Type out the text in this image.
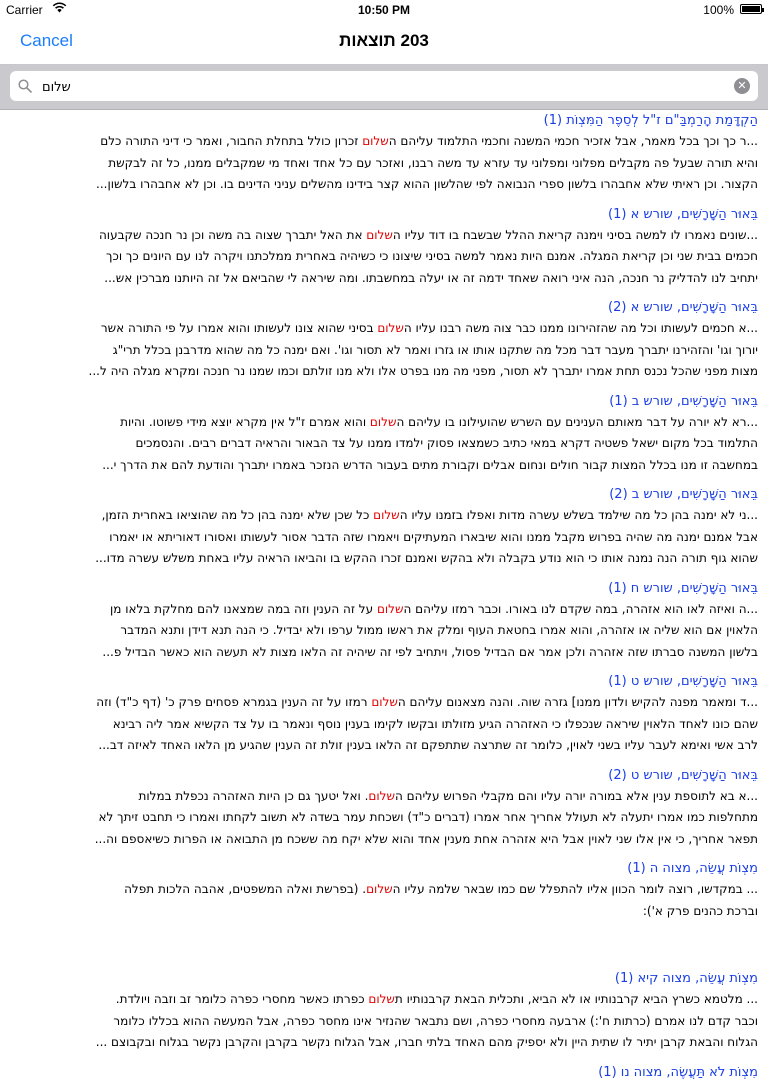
Carrier	10:50 PM	100%
Cancel	203 תוצאות
שלום
✕
הַקְדָּמַת הָרַמְבַּ"ם ז"ל לְסֵפֶר הַמִּצְוֹת (1)
...ר כך וכך בכל מאמר, אבל אזכיר חכמי המשנה וחכמי התלמוד עליהם השלום זכרון כולל בתחלת החבור, ואמר כי דיני התורה כלם
והיא תורה שבעל פה מקבלים מפלוני ומפלוני עד עזרא עד משה רבנו, ואזכר עם כל אחד ואחד מי שמקבלים ממנו, כל זה לבקשת
הקצור. וכן ראיתי שלא אחבהרו בלשון ספרי הנבואה לפי שהלשון ההוא קצר בידינו מהשלים עניני הדינים בו. וכן לא אחבהרו בלשון...
בֵּאוּר הַשָּׁרָשִׁים, שורש א (1)
...שונים נאמרו לו למשה בסיני וימנה קריאת ההלל שבשבח בו דוד עליו השלום את האל יתברך שצוה בה משה וכן נר חנכה שקבעוה
חכמים בבית שני וכן קריאת המגלה. אמנם היות נאמר למשה בסיני שיצונו כי כשיהיה באחרית ממלכתנו ויקרה לנו עם היונים כך וכך
יתחיב לנו להדליק נר חנכה, הנה איני רואה שאחד ידמה זה או יעלה במחשבתו. ומה שיראה לי שהביאם אל זה היותנו מברכין אש...
בֵּאוּר הַשָּׁרָשִׁים, שורש א (2)
...א חכמים לעשותו וכל מה שהזהירונו ממנו כבר צוה משה רבנו עליו השלום בסיני שהוא צונו לעשותו והוא אמרו על פי התורה אשר
יורוך וגו' והזהירנו יתברך מעבר דבר מכל מה שתקנו אותו או גזרו ואמר לא תסור וגו'. ואם ימנה כל מה שהוא מדרבנן בכלל תרי"ג
מצות מפני שהכל נכנס תחת אמרו יתברך לא תסור, מפני מה מנו בפרט אלו ולא מנו זולתם וכמו שמנו נר חנכה ומקרא מגלה היה ל...
בֵּאוּר הַשָּׁרָשִׁים, שורש ב (1)
...רא לא יורה על דבר מאותם הענינים עם השרש שהועילונו בו עליהם השלום והוא אמרם ז"ל אין מקרא יוצא מידי פשוטו. והיות
התלמוד בכל מקום ישאל פשטיה דקרא במאי כתיב כשמצאו פסוק ילמדו ממנו על צד הבאור והראיה דברים רבים. והנסמכים
במחשבה זו מנו בכלל המצות קבור חולים ונחום אבלים וקבורת מתים בעבור הדרש הנזכר באמרו יתברך והודעת להם את הדרך י...
בֵּאוּר הַשָּׁרָשִׁים, שורש ב (2)
...ני לא ימנה בהן כל מה שילמד בשלש עשרה מדות ואפלו בזמנו עליו השלום כל שכן שלא ימנה בהן כל מה שהוציאו באחרית הזמן,
אבל אמנם ימנה מה שהיה בפרוש מקבל ממנו והוא שיבארו המעתיקים ויאמרו שזה הדבר אסור לעשותו ואסורו דאוריתא או יאמרו
שהוא גוף תורה הנה נמנה אותו כי הוא נודע בקבלה ולא בהקש ואמנם זכרו ההקש בו והביאו הראיה עליו באחת משלש עשרה מדו...
בֵּאוּר הַשָּׁרָשִׁים, שורש ח (1)
...ה ואיזה לאו הוא אזהרה, במה שקדם לנו באורו. וכבר רמזו עליהם השלום על זה הענין וזה במה שמצאנו להם מחלקת בלאו מן
הלאוין אם הוא שליה או אזהרה, והוא אמרו בחטאת העוף ומלק את ראשו ממול ערפו ולא יבדיל. כי הנה תנא דידן ותנא המדבר
בלשון המשנה סברתו שזה אזהרה ולכן אמר אם הבדיל פסול, ויתחיב לפי זה שיהיה זה הלאו מצות לא תעשה הוא כאשר הבדיל פ...
בֵּאוּר הַשָּׁרָשִׁים, שורש ט (1)
...ד ומאמר מפנה להקיש ולדון ממנו] גזרה שוה. והנה מצאנום עליהם השלום רמזו על זה הענין בגמרא פסחים פרק כ' (דף כ"ד) וזה
שהם כונו לאחד הלאוין שיראה שנכפלו כי האזהרה הגיע מזולתו ובקשו לקימו בענין נוסף ונאמר בו על צד הקשיא אמר ליה רבינא
לרב אשי ואימא לעבר עליו בשני לאוין, כלומר זה שתרצה שתתפקם זה הלאו בענין זולת זה הענין שהגיע מן הלאו האחד לאיזה דב...
בֵּאוּר הַשָּׁרָשִׁים, שורש ט (2)
...א בא לתוספת ענין אלא במורה יורה עליו והם מקבלי הפרוש עליהם השלום. ואל יטעך גם כן היות האזהרה נכפלת במלות
מתחלפות כמו אמרו יתעלה לא תעולל אחריך אחר אמרו (דברים כ"ד) ושכחת עמר בשדה לא תשוב לקחתו ואמרו כי תחבט זיתך לא
תפאר אחריך, כי אין אלו שני לאוין אבל היא אזהרה אחת מענין אחד והוא שלא יקח מה ששכח מן התבואה או הפרות כשיאספם וה...
מִצְוֹת עֲשֵׂה, מצוה ה (1)
... במקדשו, רוצה לומר הכוון אליו להתפלל שם כמו שבאר שלמה עליו השלום. (בפרשת ואלה המשפטים, אהבה הלכות תפלה
וברכת כהנים פרק א'):
מִצְוֹת עֲשֵׂה, מצוה קיא (1)
... מלטמא כשרץ הביא קרבנותיו או לא הביא, ותכלית הבאת קרבנותיו תשלום כפרתו כאשר מחסרי כפרה כלומר זב וזבה ויולדת.
וכבר קדם לנו אמרם (כרתות ח':) ארבעה מחסרי כפרה, ושם נתבאר שהנזיר אינו מחסר כפרה, אבל המעשה ההוא בכללו כלומר
הגלוח והבאת קרבן יתיר לו שתית היין ולא יספיק מהם האחד בלתי חברו, אבל הגלוח נקשר בקרבן והקרבן נקשר בגלוח ובקבוצם ...
מִצְוֹת לֹא תַּעֲשֶׂה, מצוה נו (1)
